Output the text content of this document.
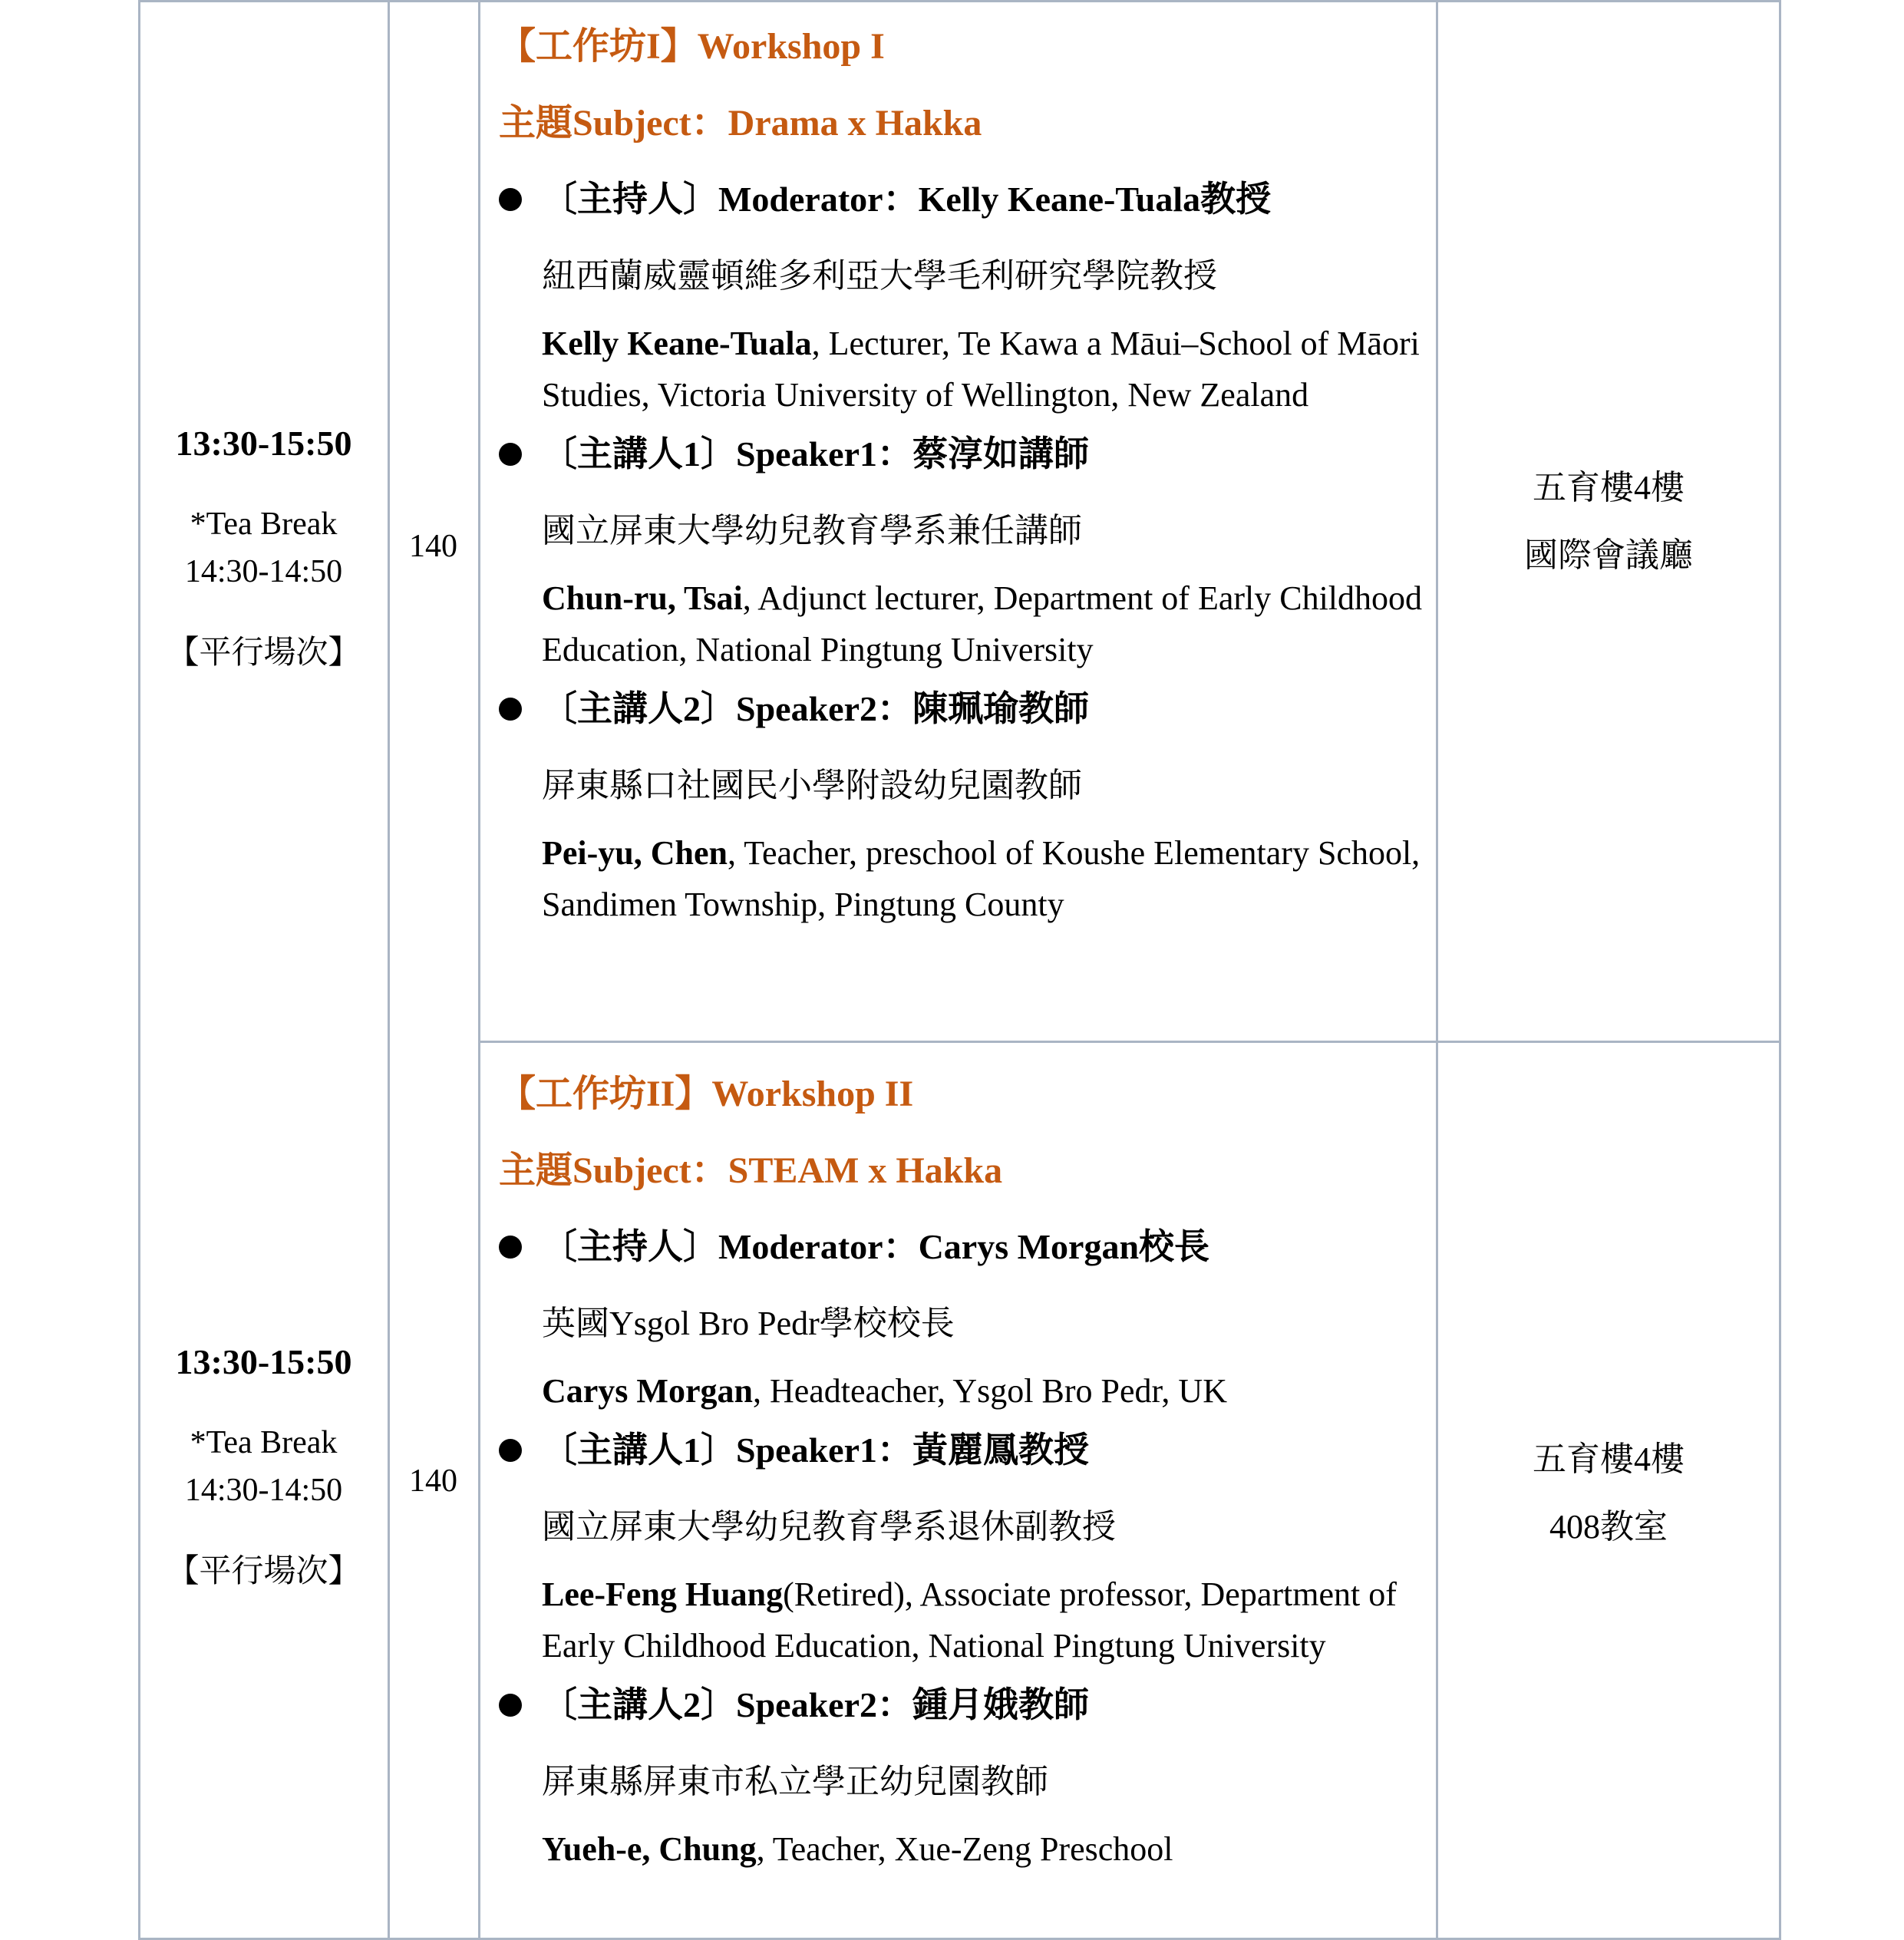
13:30-15:50
*Tea Break
14:30-14:50
【平行場次】
140
五育樓4樓
國際會議廳
【工作坊I】Workshop I
主題Subject：Drama x Hakka
〔主持人〕Moderator：Kelly Keane-Tuala教授
紐西蘭威靈頓維多利亞大學毛利研究學院教授
Kelly Keane-Tuala, Lecturer, Te Kawa a Māui–School of Māori Studies, Victoria University of Wellington, New Zealand
〔主講人1〕Speaker1：蔡淳如講師
國立屏東大學幼兒教育學系兼任講師
Chun-ru, Tsai, Adjunct lecturer, Department of Early Childhood Education, National Pingtung University
〔主講人2〕Speaker2：陳珮瑜教師
屏東縣口社國民小學附設幼兒園教師
Pei-yu, Chen, Teacher, preschool of Koushe Elementary School, Sandimen Township, Pingtung County
13:30-15:50
*Tea Break
14:30-14:50
【平行場次】
140
五育樓4樓
408教室
【工作坊II】Workshop II
主題Subject：STEAM x Hakka
〔主持人〕Moderator：Carys Morgan校長
英國Ysgol Bro Pedr學校校長
Carys Morgan, Headteacher, Ysgol Bro Pedr, UK
〔主講人1〕Speaker1：黃麗鳳教授
國立屏東大學幼兒教育學系退休副教授
Lee-Feng Huang(Retired), Associate professor, Department of Early Childhood Education, National Pingtung University
〔主講人2〕Speaker2：鍾月娥教師
屏東縣屏東市私立學正幼兒園教師
Yueh-e, Chung, Teacher, Xue-Zeng Preschool
